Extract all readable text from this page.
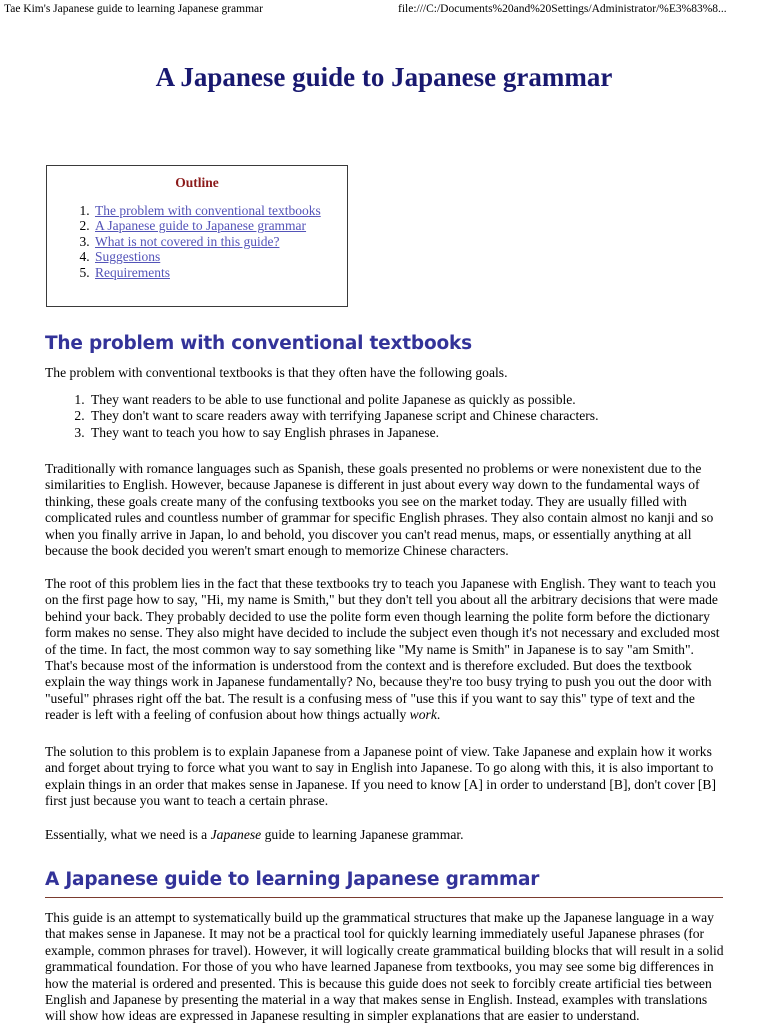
Tae Kim's Japanese guide to learning Japanese grammar	file:///C:/Documents%20and%20Settings/Administrator/%E3%83%8...
A Japanese guide to Japanese grammar
Outline
1. The problem with conventional textbooks
2. A Japanese guide to Japanese grammar
3. What is not covered in this guide?
4. Suggestions
5. Requirements
The problem with conventional textbooks

The problem with conventional textbooks is that they often have the following goals.

1. They want readers to be able to use functional and polite Japanese as quickly as possible.
2. They don't want to scare readers away with terrifying Japanese script and Chinese characters.
3. They want to teach you how to say English phrases in Japanese.

Traditionally with romance languages such as Spanish, these goals presented no problems or were nonexistent due to the similarities to English. However, because Japanese is different in just about every way down to the fundamental ways of thinking, these goals create many of the confusing textbooks you see on the market today. They are usually filled with complicated rules and countless number of grammar for specific English phrases. They also contain almost no kanji and so when you finally arrive in Japan, lo and behold, you discover you can't read menus, maps, or essentially anything at all because the book decided you weren't smart enough to memorize Chinese characters.

The root of this problem lies in the fact that these textbooks try to teach you Japanese with English. They want to teach you on the first page how to say, "Hi, my name is Smith," but they don't tell you about all the arbitrary decisions that were made behind your back. They probably decided to use the polite form even though learning the polite form before the dictionary form makes no sense. They also might have decided to include the subject even though it's not necessary and excluded most of the time. In fact, the most common way to say something like "My name is Smith" in Japanese is to say "am Smith". That's because most of the information is understood from the context and is therefore excluded. But does the textbook explain the way things work in Japanese fundamentally? No, because they're too busy trying to push you out the door with "useful" phrases right off the bat. The result is a confusing mess of "use this if you want to say this" type of text and the reader is left with a feeling of confusion about how things actually work.

The solution to this problem is to explain Japanese from a Japanese point of view. Take Japanese and explain how it works and forget about trying to force what you want to say in English into Japanese. To go along with this, it is also important to explain things in an order that makes sense in Japanese. If you need to know [A] in order to understand [B], don't cover [B] first just because you want to teach a certain phrase.

Essentially, what we need is a Japanese guide to learning Japanese grammar.

A Japanese guide to learning Japanese grammar

This guide is an attempt to systematically build up the grammatical structures that make up the Japanese language in a way that makes sense in Japanese. It may not be a practical tool for quickly learning immediately useful Japanese phrases (for example, common phrases for travel). However, it will logically create grammatical building blocks that will result in a solid grammatical foundation. For those of you who have learned Japanese from textbooks, you may see some big differences in how the material is ordered and presented. This is because this guide does not seek to forcibly create artificial ties between English and Japanese by presenting the material in a way that makes sense in English. Instead, examples with translations will show how ideas are expressed in Japanese resulting in simpler explanations that are easier to understand.
